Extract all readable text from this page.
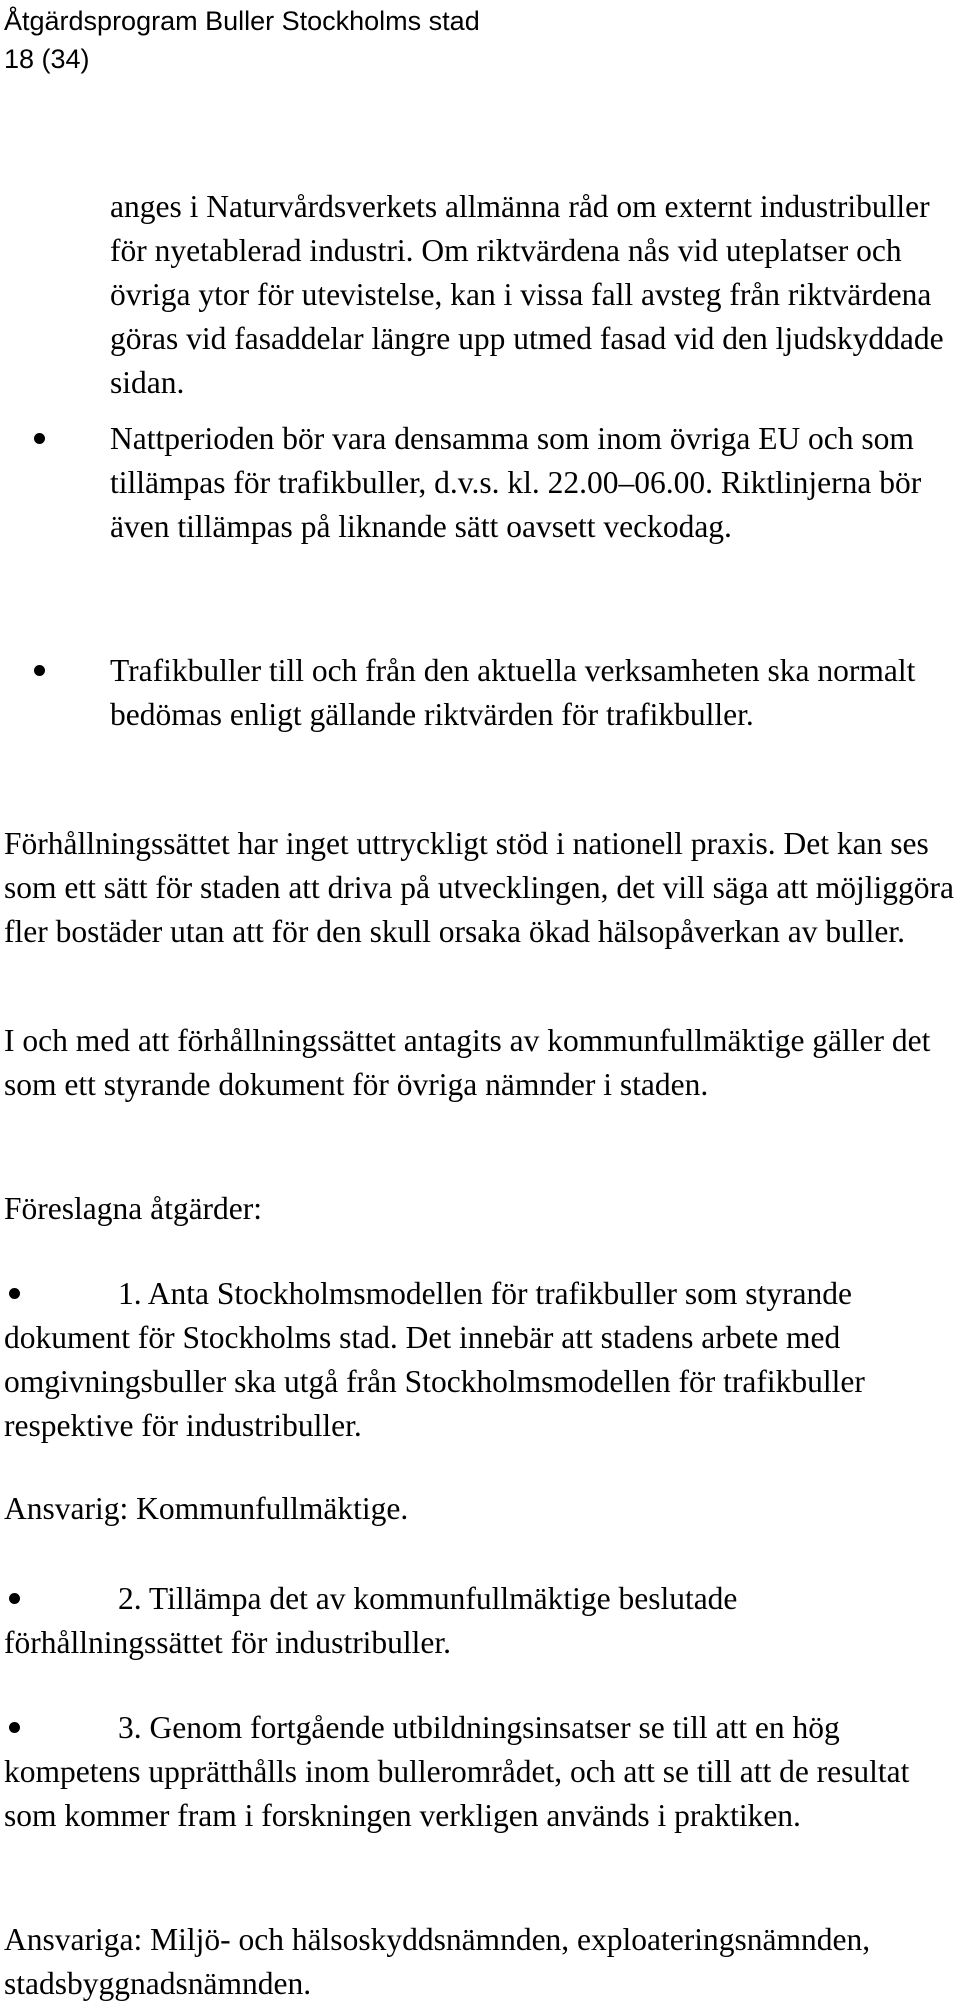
Åtgärdsprogram Buller Stockholms stad
18 (34)

anges i Naturvårdsverkets allmänna råd om externt industribuller för nyetablerad industri. Om riktvärdena nås vid uteplatser och övriga ytor för utevistelse, kan i vissa fall avsteg från riktvärdena göras vid fasaddelar längre upp utmed fasad vid den ljudskyddade sidan.

Nattperioden bör vara densamma som inom övriga EU och som tillämpas för trafikbuller, d.v.s. kl. 22.00–06.00. Riktlinjerna bör även tillämpas på liknande sätt oavsett veckodag.
Trafikbuller till och från den aktuella verksamheten ska normalt bedömas enligt gällande riktvärden för trafikbuller.

Förhållningssättet har inget uttryckligt stöd i nationell praxis. Det kan ses som ett sätt för staden att driva på utvecklingen, det vill säga att möjliggöra fler bostäder utan att för den skull orsaka ökad hälsopåverkan av buller.

I och med att förhållningssättet antagits av kommunfullmäktige gäller det som ett styrande dokument för övriga nämnder i staden.

Föreslagna åtgärder:

1. Anta Stockholmsmodellen för trafikbuller som styrande dokument för Stockholms stad. Det innebär att stadens arbete med omgivningsbuller ska utgå från Stockholmsmodellen för trafikbuller respektive för industribuller.

Ansvarig: Kommunfullmäktige.

2. Tillämpa det av kommunfullmäktige beslutade förhållningssättet för industribuller.
3. Genom fortgående utbildningsinsatser se till att en hög kompetens upprätthålls inom bullerområdet, och att se till att de resultat som kommer fram i forskningen verkligen används i praktiken.

Ansvariga: Miljö- och hälsoskyddsnämnden, exploateringsnämnden, stadsbyggnadsnämnden.
